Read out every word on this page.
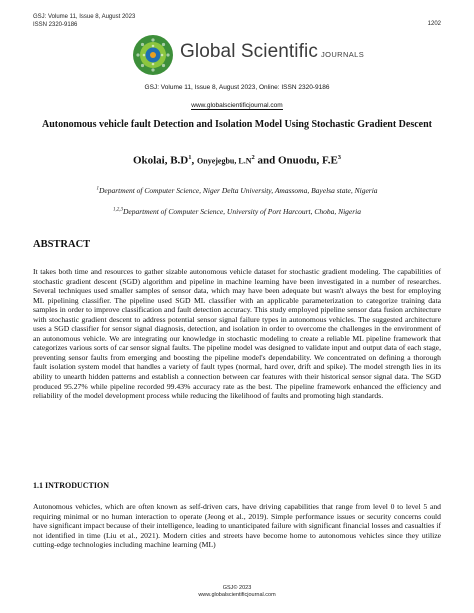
GSJ: Volume 11, Issue 8, August 2023
ISSN 2320-9186	1202
Global Scientific JOURNALS
GSJ: Volume 11, Issue 8, August 2023, Online: ISSN 2320-9186
www.globalscientificjournal.com
Autonomous vehicle fault Detection and Isolation Model Using Stochastic Gradient Descent
Okolai, $B.D^1$, Onyejegbu, $L.N^2$ and Onuodu, $F.E^3$
$^1$Department of Computer Science, Niger Delta University, Amassoma, Bayelsa state, Nigeria
$^{1,2,3}$Department of Computer Science, University of Port Harcourt, Choba, Nigeria
ABSTRACT
It takes both time and resources to gather sizable autonomous vehicle dataset for stochastic gradient modeling. The capabilities of stochastic gradient descent (SGD) algorithm and pipeline in machine learning have been investigated in a number of researches. Several techniques used smaller samples of sensor data, which may have been adequate but wasn't always the best for employing ML pipelining classifier. The pipeline used SGD ML classifier with an applicable parameterization to categorize training data samples in order to improve classification and fault detection accuracy. This study employed pipeline sensor data fusion architecture with stochastic gradient descent to address potential sensor signal failure types in autonomous vehicles. The suggested architecture uses a SGD classifier for sensor signal diagnosis, detection, and isolation in order to overcome the challenges in the environment of an autonomous vehicle. We are integrating our knowledge in stochastic modeling to create a reliable ML pipeline framework that categorizes various sorts of car sensor signal faults. The pipeline model was designed to validate input and output data of each stage, preventing sensor faults from emerging and boosting the pipeline model's dependability. We concentrated on defining a thorough fault isolation system model that handles a variety of fault types (normal, hard over, drift and spike). The model strength lies in its ability to unearth hidden patterns and establish a connection between car features with their historical sensor signal data. The SGD produced 95.27% while pipeline recorded 99.43% accuracy rate as the best. The pipeline framework enhanced the efficiency and reliability of the model development process while reducing the likelihood of faults and promoting high standards.
1.1 INTRODUCTION
Autonomous vehicles, which are often known as self-driven cars, have driving capabilities that range from level 0 to level 5 and requiring minimal or no human interaction to operate (Jeong et al., 2019). Simple performance issues or security concerns could have significant impact because of their intelligence, leading to unanticipated failure with significant financial losses and casualties if not identified in time (Liu et al., 2021). Modern cities and streets have become home to autonomous vehicles since they utilize cutting-edge technologies including machine learning (ML)
GSJ© 2023
www.globalscientificjournal.com
